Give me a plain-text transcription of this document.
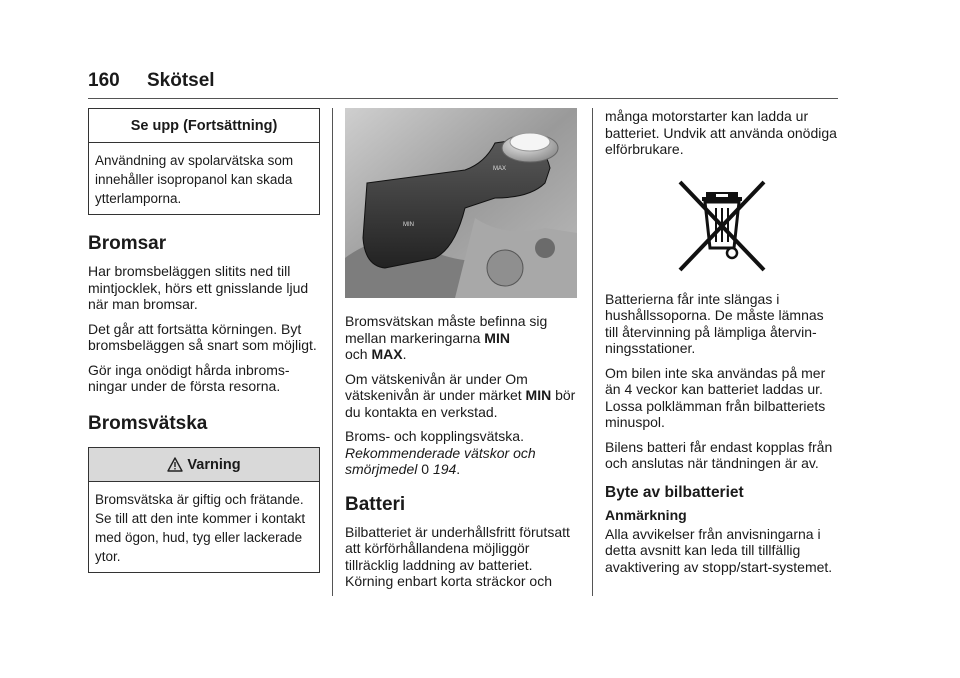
160 Skötsel
Se upp (Fortsättning)

Användning av spolarvätska som innehåller isopropanol kan skada ytterlamporna.

Bromsar

Har bromsbeläggen slitits ned till mintjocklek, hörs ett gnisslande ljud när man bromsar.

Det går att fortsätta körningen. Byt bromsbeläggen så snart som möjligt.

Gör inga onödigt hårda inbroms-ningar under de första resorna.

Bromsvätska
Varning

Bromsvätska är giftig och frätande. Se till att den inte kommer i kontakt med ögon, hud, tyg eller lackerade ytor.

MAX
MIN

Bromsvätskan måste befinna sig mellan markeringarna MIN
och MAX.

Om vätskenivån är under Om vätskenivån är under märket MIN bör du kontakta en verkstad.

Broms- och kopplingsvätska.
Rekommenderade vätskor och smörjmedel 0 194.

Batteri

Bilbatteriet är underhållsfritt förutsatt att körförhållandena möjliggör tillräcklig laddning av batteriet. Körning enbart korta sträckor och

många motorstarter kan ladda ur batteriet. Undvik att använda onödiga elförbrukare.

Batterierna får inte slängas i hushållssoporna. De måste lämnas till återvinning på lämpliga återvin-ningsstationer.

Om bilen inte ska användas på mer än 4 veckor kan batteriet laddas ur. Lossa polklämman från bilbatteriets minuspol.

Bilens batteri får endast kopplas från och anslutas när tändningen är av.

Byte av bilbatteriet
Anmärkning

Alla avvikelser från anvisningarna i detta avsnitt kan leda till tillfällig avaktivering av stopp/start-systemet.
